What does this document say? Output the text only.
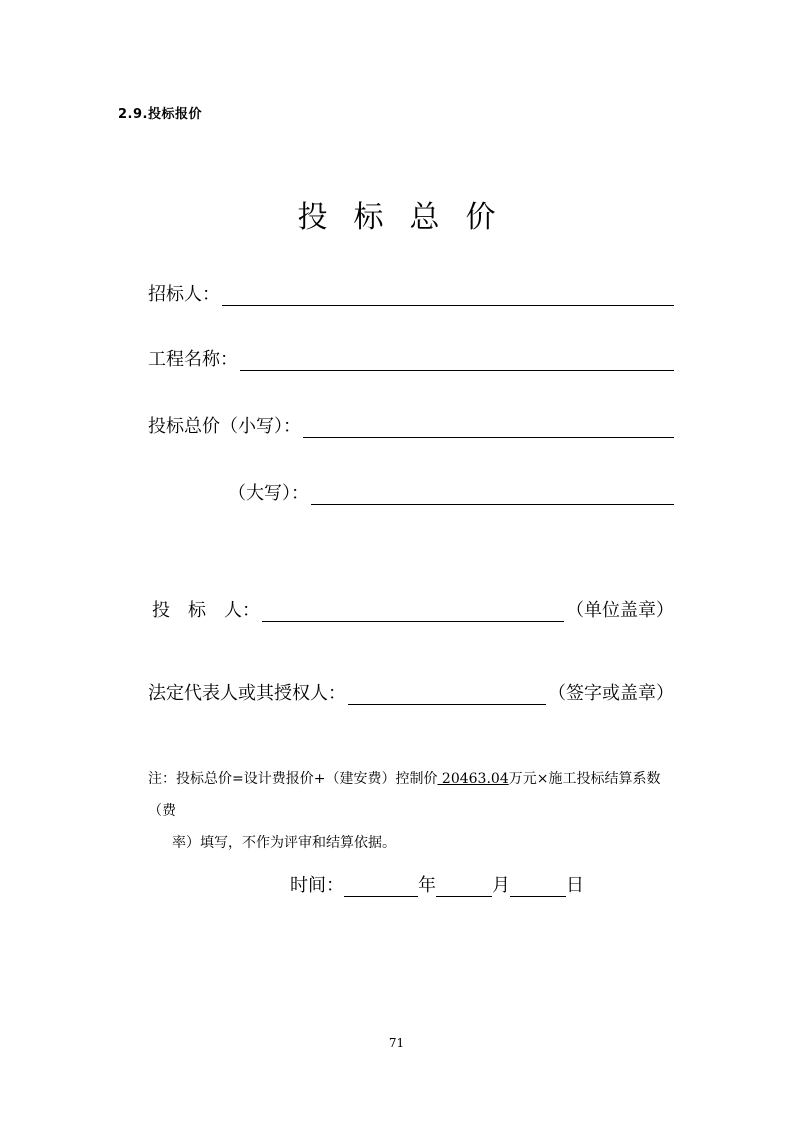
2.9.投标报价
投标总价
招标人：
工程名称：
投标总价（小写）：
（大写）：
投　标　人：	（单位盖章）
法定代表人或其授权人：	（签字或盖章）
注：投标总价=设计费报价+（建安费）控制价 20463.04万元×施工投标结算系数（费
率）填写，不作为评审和结算依据。
时间：	年	月	日
71
